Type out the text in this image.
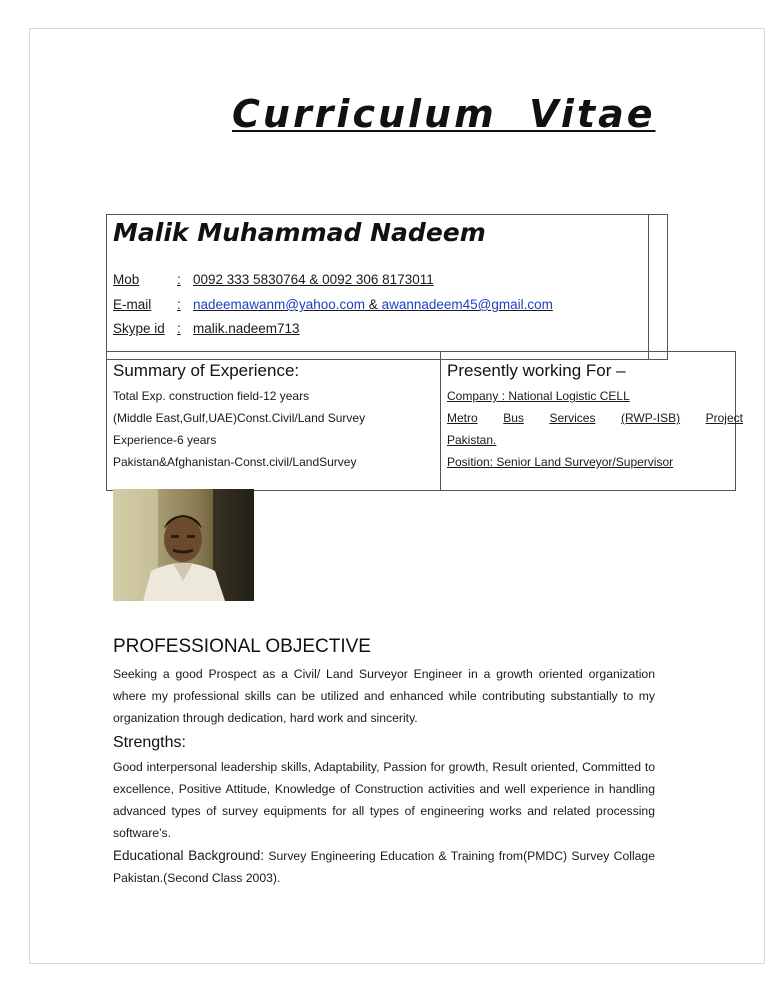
Curriculum  Vitae
Malik Muhammad Nadeem
Mob	: 0092 333 5830764 & 0092 306 8173011
E-mail : nadeemawanm@yahoo.com & awannadeem45@gmail.com
Skype id : malik.nadeem713
Summary of Experience:
Total Exp. construction field-12 years
(Middle East,Gulf,UAE)Const.Civil/Land Survey
Experience-6 years
Pakistan&Afghanistan-Const.civil/LandSurvey
Presently working For –
Company : National Logistic CELL
Metro Bus Services (RWP-ISB) Project
Pakistan.
Position: Senior Land Surveyor/Supervisor
PROFESSIONAL OBJECTIVE

Seeking a good Prospect as a Civil/ Land Surveyor Engineer in a growth oriented organization where my professional skills can be utilized and enhanced while contributing substantially to my organization through dedication, hard work and sincerity.

Strengths:

Good interpersonal leadership skills, Adaptability, Passion for growth, Result oriented, Committed to excellence, Positive Attitude, Knowledge of Construction activities and well experience in handling advanced types of survey equipments for all types of engineering works and related processing software’s.

Educational Background: Survey Engineering Education & Training from(PMDC) Survey Collage Pakistan.(Second Class 2003).
